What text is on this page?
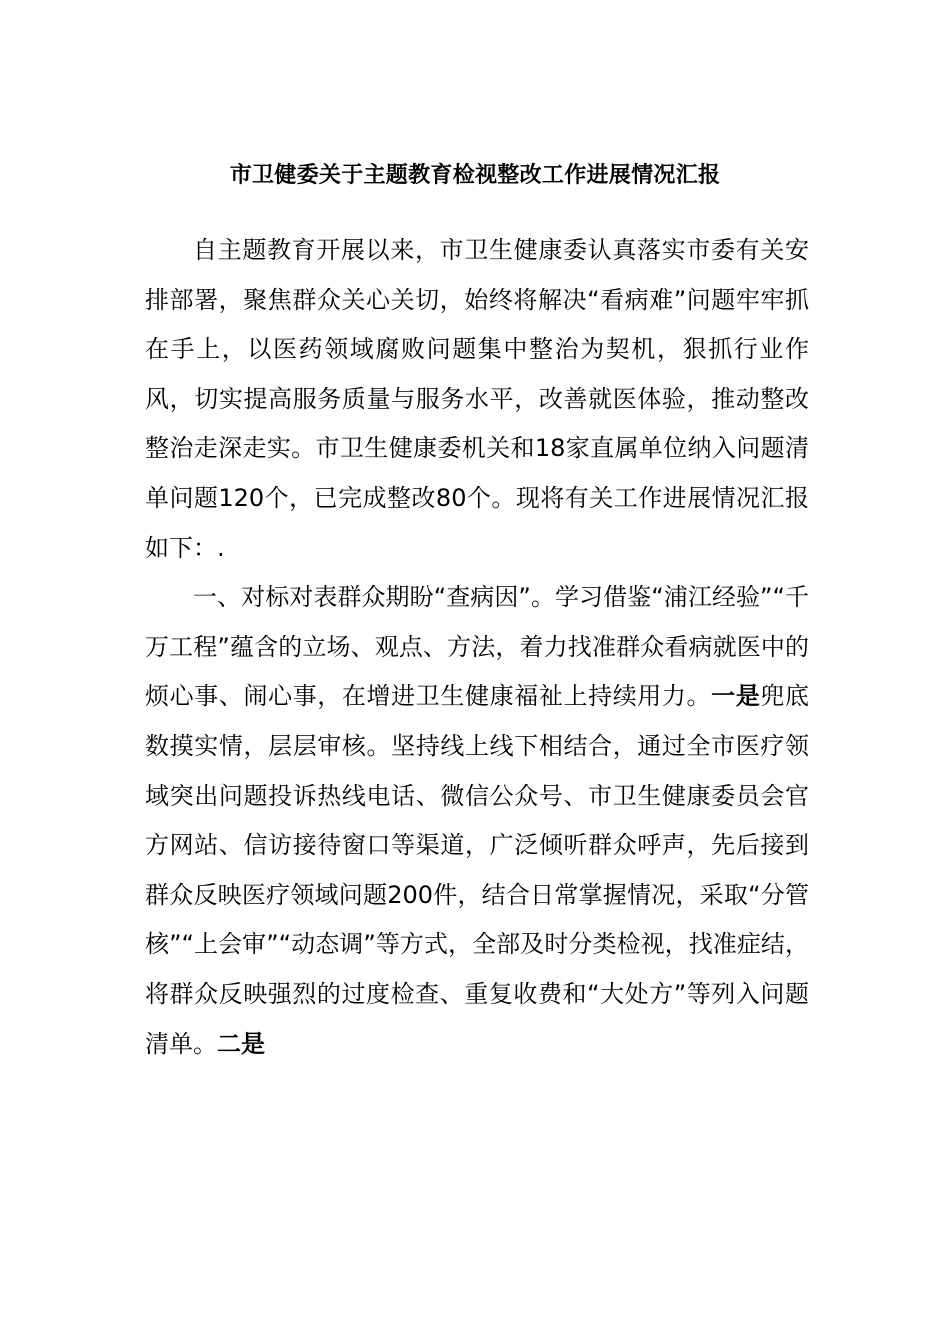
市卫健委关于主题教育检视整改工作进展情况汇报

自主题教育开展以来，市卫生健康委认真落实市委有关安排部署，聚焦群众关心关切，始终将解决“看病难”问题牢牢抓在手上，以医药领域腐败问题集中整治为契机，狠抓行业作风，切实提高服务质量与服务水平，改善就医体验，推动整改整治走深走实。市卫生健康委机关和18家直属单位纳入问题清单问题120个，已完成整改80个。现将有关工作进展情况汇报如下：.

一、对标对表群众期盼“查病因”。学习借鉴“浦江经验”“千万工程”蕴含的立场、观点、方法，着力找准群众看病就医中的烦心事、闹心事，在增进卫生健康福祉上持续用力。一是兜底数摸实情，层层审核。坚持线上线下相结合，通过全市医疗领域突出问题投诉热线电话、微信公众号、市卫生健康委员会官方网站、信访接待窗口等渠道，广泛倾听群众呼声，先后接到群众反映医疗领域问题200件，结合日常掌握情况，采取“分管核”“上会审”“动态调”等方式，全部及时分类检视，找准症结，将群众反映强烈的过度检查、重复收费和“大处方”等列入问题清单。二是
